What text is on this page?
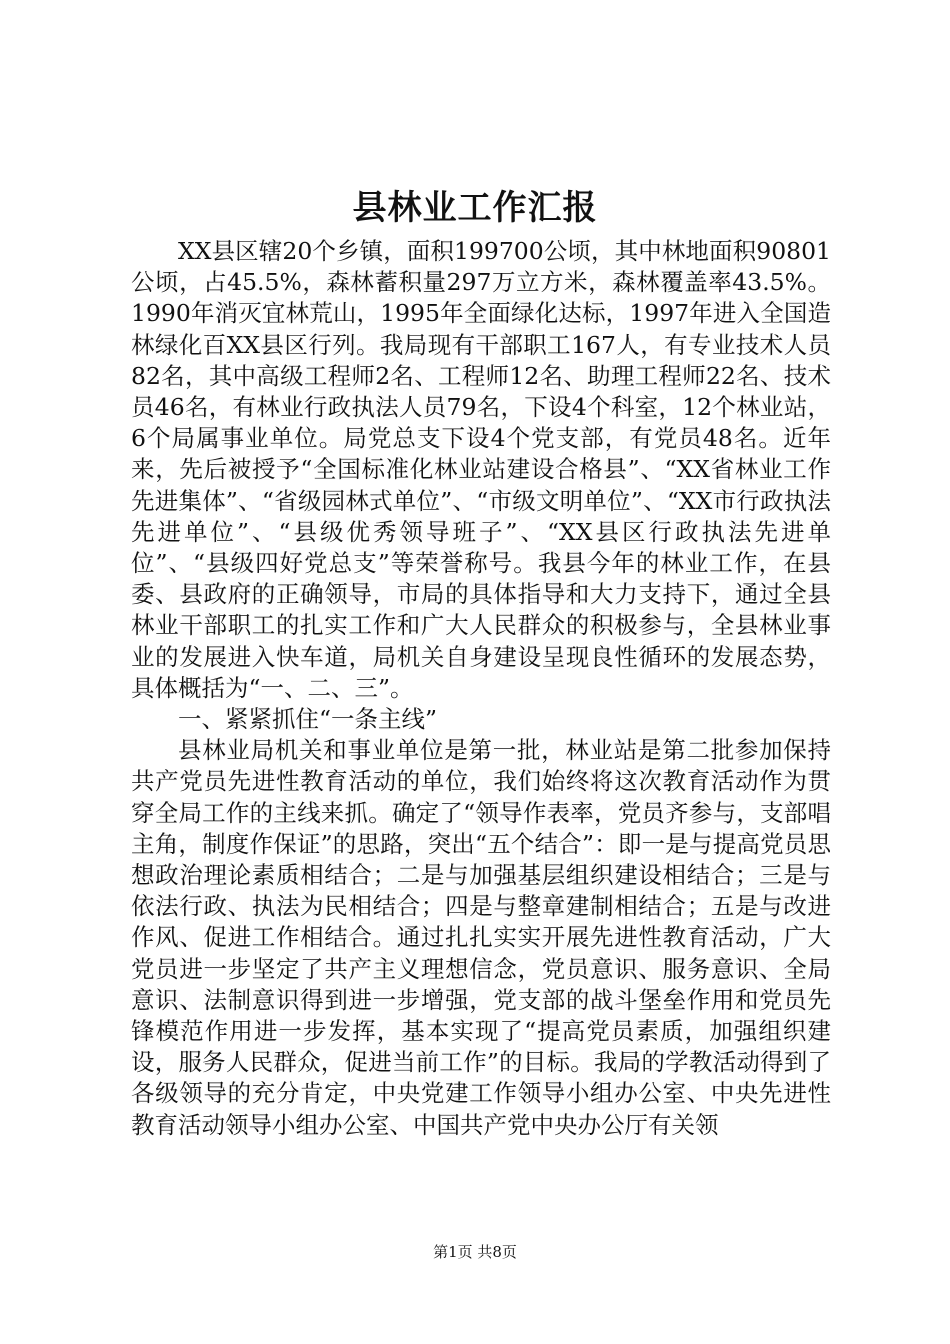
县林业工作汇报

XX县区辖20个乡镇，面积199700公顷，其中林地面积90801公顷，占45.5%，森林蓄积量297万立方米，森林覆盖率43.5%。1990年消灭宜林荒山，1995年全面绿化达标，1997年进入全国造林绿化百XX县区行列。我局现有干部职工167人，有专业技术人员82名，其中高级工程师2名、工程师12名、助理工程师22名、技术员46名，有林业行政执法人员79名，下设4个科室，12个林业站，6个局属事业单位。局党总支下设4个党支部，有党员48名。近年来，先后被授予“全国标准化林业站建设合格县”、“XX省林业工作先进集体”、“省级园林式单位”、“市级文明单位”、“XX市行政执法先进单位”、“县级优秀领导班子”、“XX县区行政执法先进单位”、“县级四好党总支”等荣誉称号。我县今年的林业工作，在县委、县政府的正确领导，市局的具体指导和大力支持下，通过全县林业干部职工的扎实工作和广大人民群众的积极参与，全县林业事业的发展进入快车道，局机关自身建设呈现良性循环的发展态势，具体概括为“一、二、三”。

一、紧紧抓住“一条主线”

县林业局机关和事业单位是第一批，林业站是第二批参加保持共产党员先进性教育活动的单位，我们始终将这次教育活动作为贯穿全局工作的主线来抓。确定了“领导作表率，党员齐参与，支部唱主角，制度作保证”的思路，突出“五个结合”：即一是与提高党员思想政治理论素质相结合；二是与加强基层组织建设相结合；三是与依法行政、执法为民相结合；四是与整章建制相结合；五是与改进作风、促进工作相结合。通过扎扎实实开展先进性教育活动，广大党员进一步坚定了共产主义理想信念，党员意识、服务意识、全局意识、法制意识得到进一步增强，党支部的战斗堡垒作用和党员先锋模范作用进一步发挥，基本实现了“提高党员素质，加强组织建设，服务人民群众，促进当前工作”的目标。我局的学教活动得到了各级领导的充分肯定，中央党建工作领导小组办公室、中央先进性教育活动领导小组办公室、中国共产党中央办公厅有关领

第1页 共8页
